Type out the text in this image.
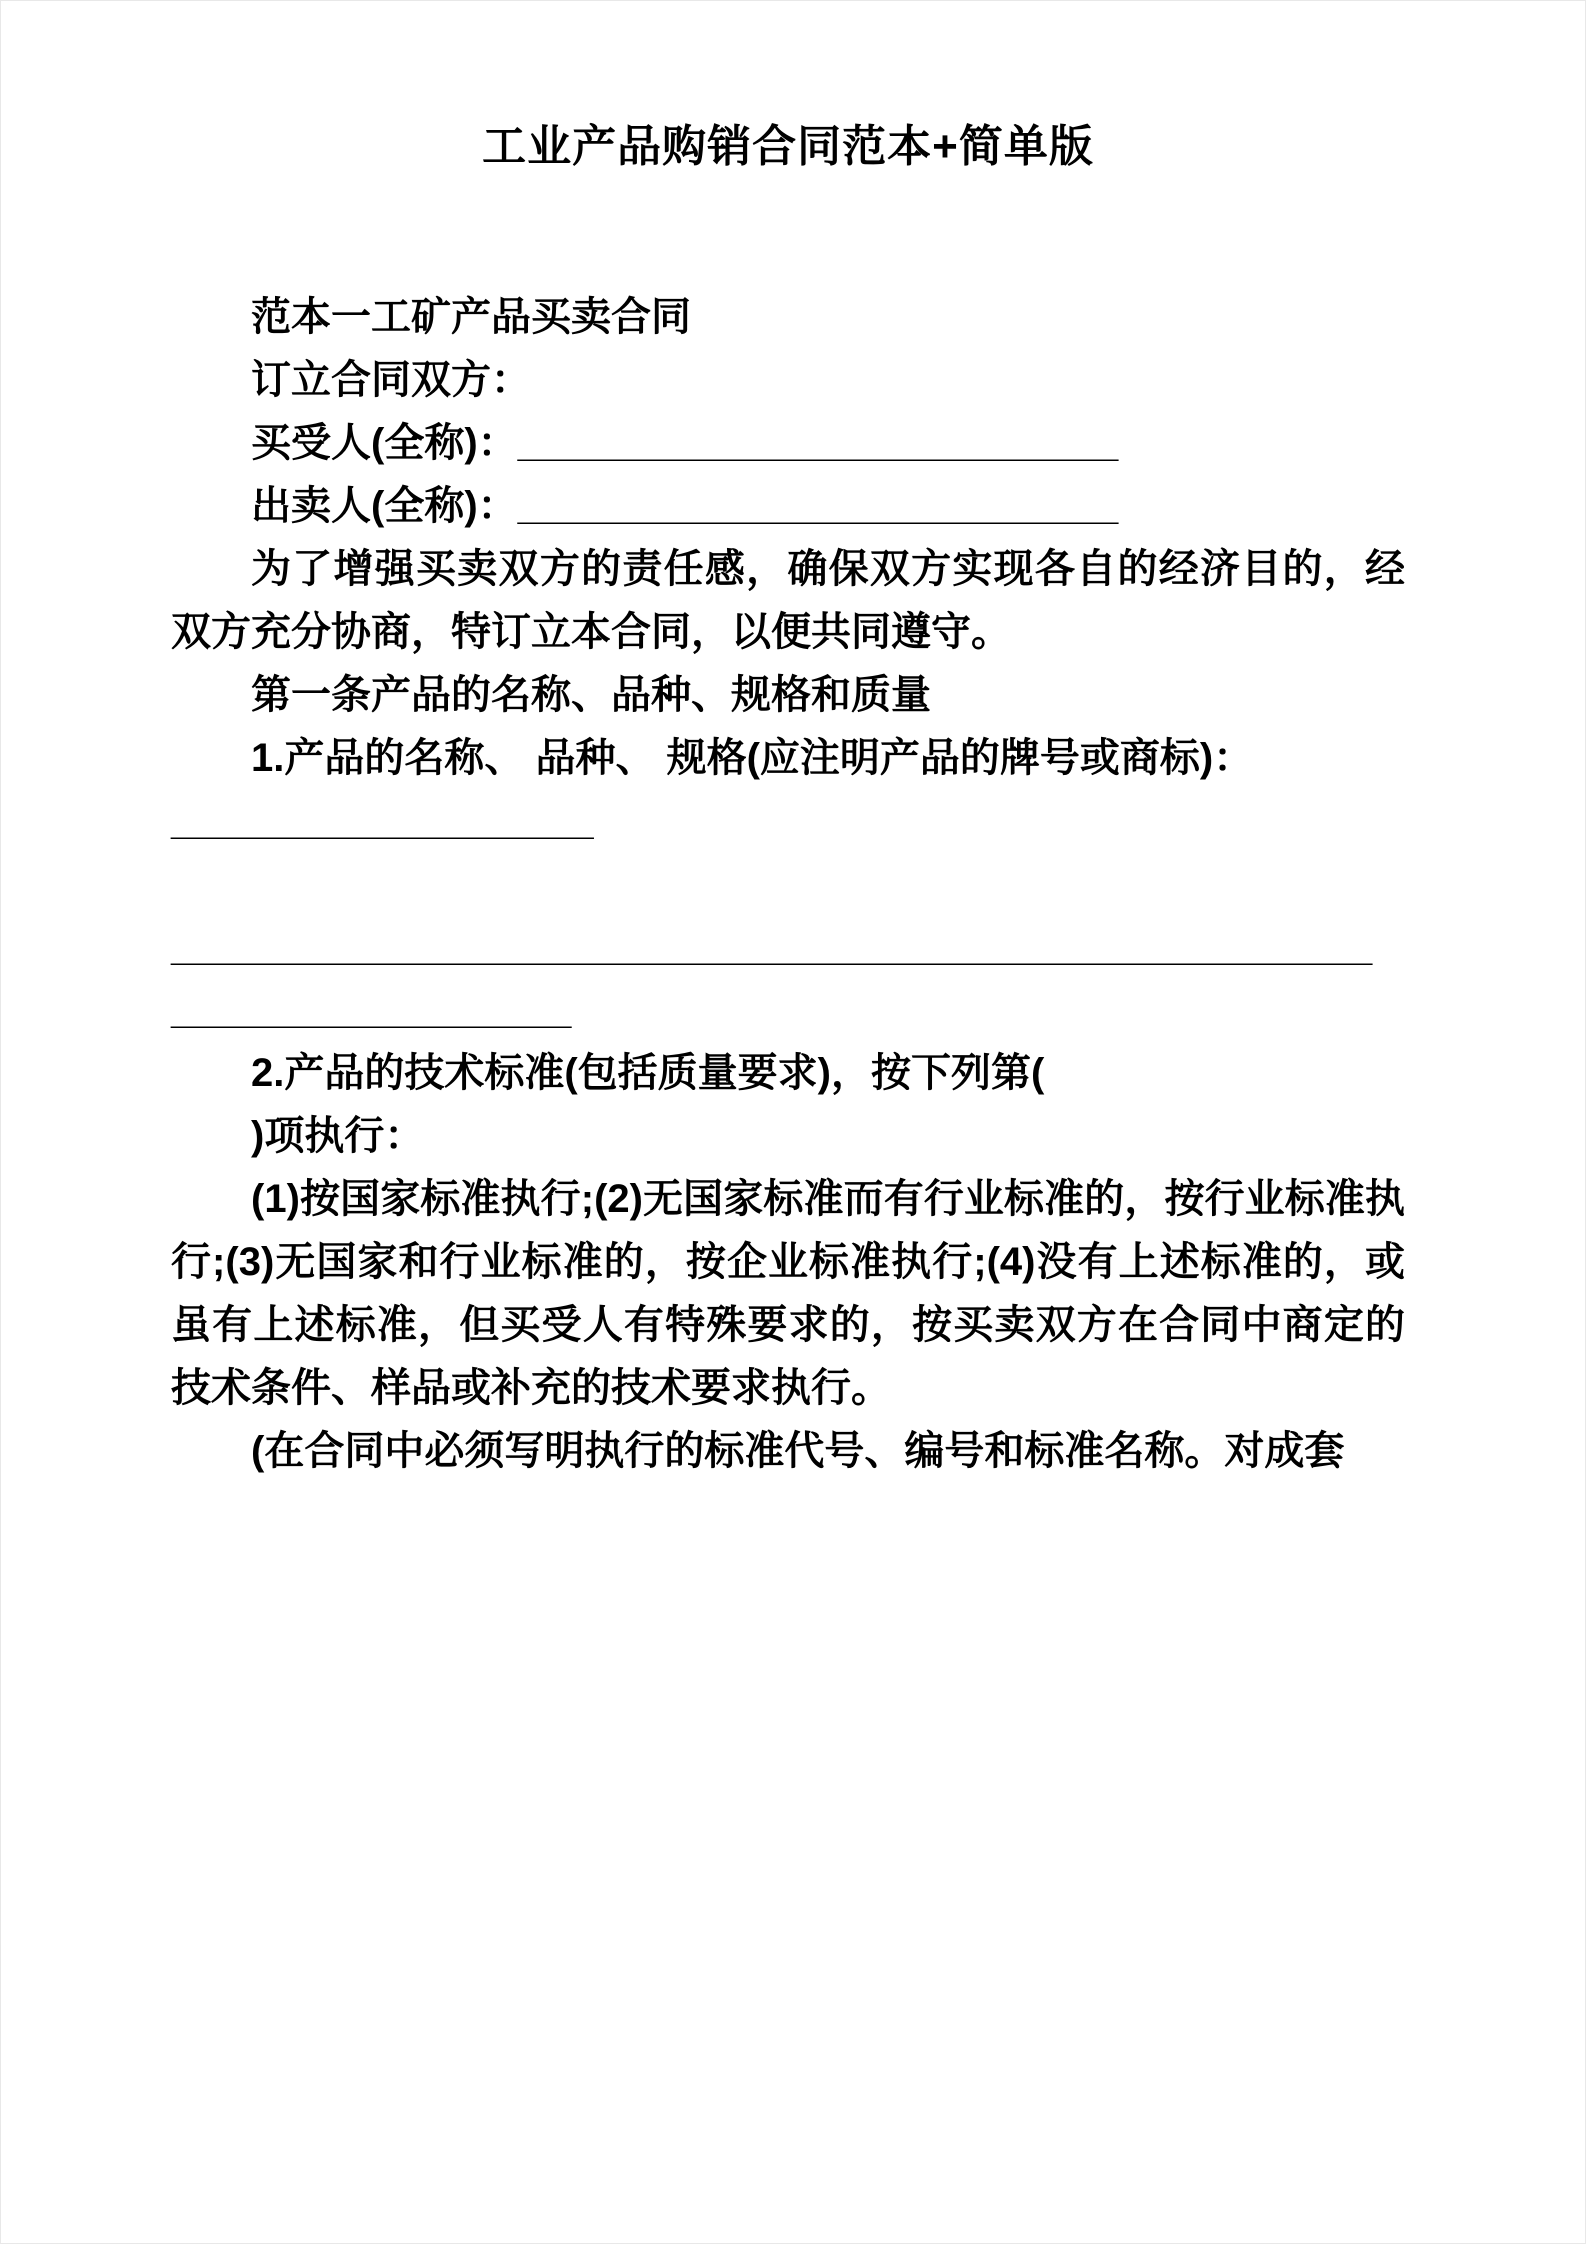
工业产品购销合同范本+简单版

范本一工矿产品买卖合同

订立合同双方：

买受人(全称)：___________________________

出卖人(全称)：___________________________

为了增强买卖双方的责任感，确保双方实现各自的经济目的，经双方充分协商，特订立本合同，以便共同遵守。

第一条产品的名称、品种、规格和质量

1.产品的名称、 品种、 规格(应注明产品的牌号或商标)：

___________________

______________________________________________________

__________________

2.产品的技术标准(包括质量要求)，按下列第(

)项执行：

(1)按国家标准执行;(2)无国家标准而有行业标准的，按行业标准执行;(3)无国家和行业标准的，按企业标准执行;(4)没有上述标准的，或虽有上述标准，但买受人有特殊要求的，按买卖双方在合同中商定的技术条件、样品或补充的技术要求执行。

(在合同中必须写明执行的标准代号、编号和标准名称。对成套
